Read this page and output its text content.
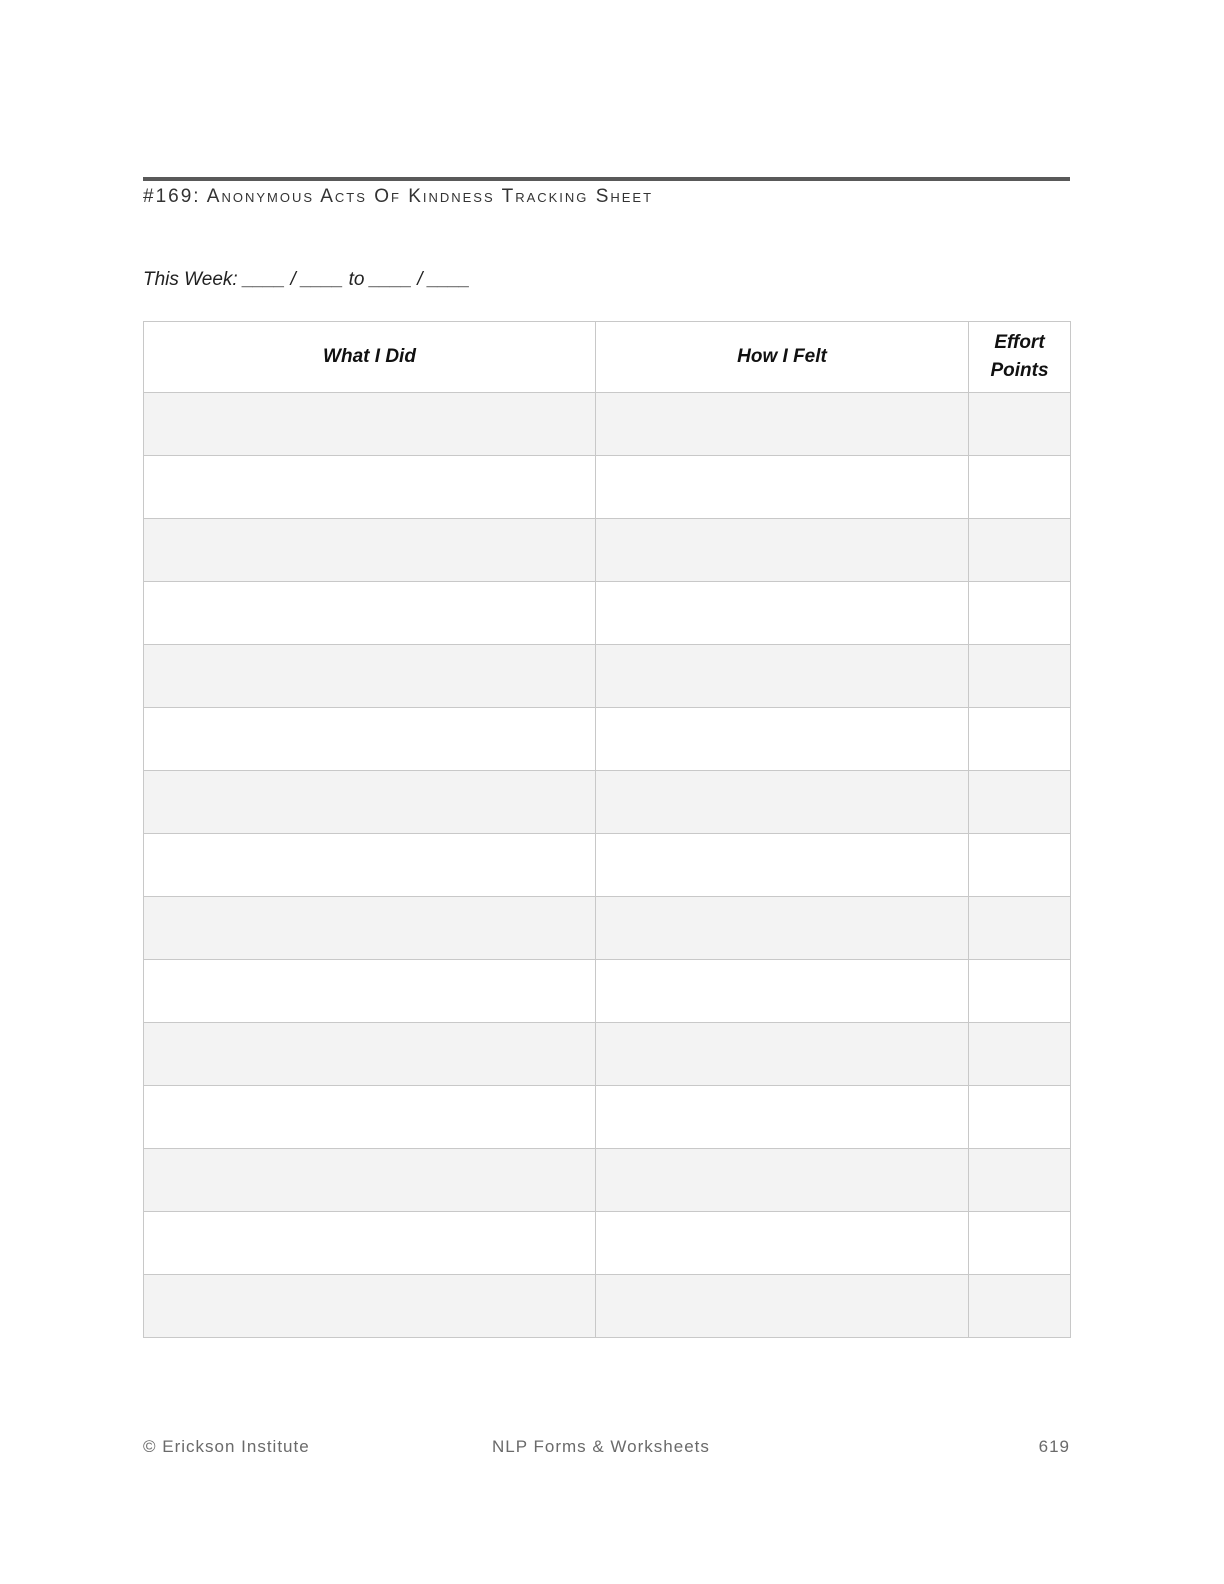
#169: Anonymous Acts Of Kindness Tracking Sheet
This Week: ____ / ____ to ____ / ____
What I Did	How I Felt	Effort Points

© Erickson Institute	NLP Forms & Worksheets	619
